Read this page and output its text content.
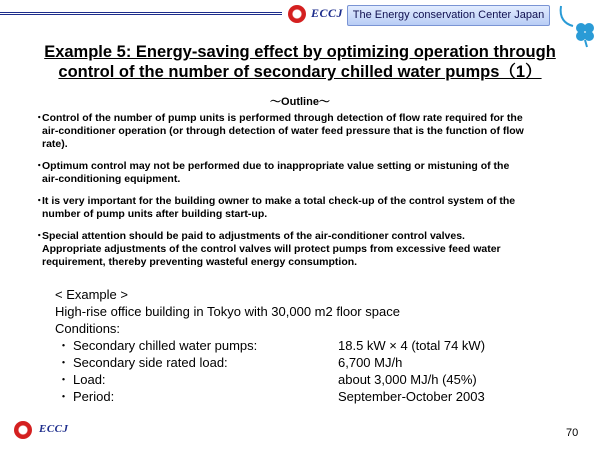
ECCJ The Energy conservation Center Japan
Example 5: Energy-saving effect by optimizing operation through
control of the number of secondary chilled water pumps（1）
～Outline～
・
Control of the number of pump units is performed through detection of flow rate required for the
air-conditioner operation (or through detection of water feed pressure that is the function of flow
rate).
・
Optimum control may not be performed due to inappropriate value setting or mistuning of the
air-conditioning equipment.
・
It is very important for the building owner to make a total check-up of the control system of the
number of pump units after building start-up.
・
Special attention should be paid to adjustments of the air-conditioner control valves.
Appropriate adjustments of the control valves will protect pumps from excessive feed water
requirement, thereby preventing wasteful energy consumption.
< Example >
High-rise office building in Tokyo with 30,000 m2 floor space
Conditions:
・ Secondary chilled water pumps:	18.5 kW × 4 (total 74 kW)
・ Secondary side rated load:	6,700 MJ/h
・ Load:	about 3,000 MJ/h (45%)
・ Period:	September-October 2003
ECCJ	70
